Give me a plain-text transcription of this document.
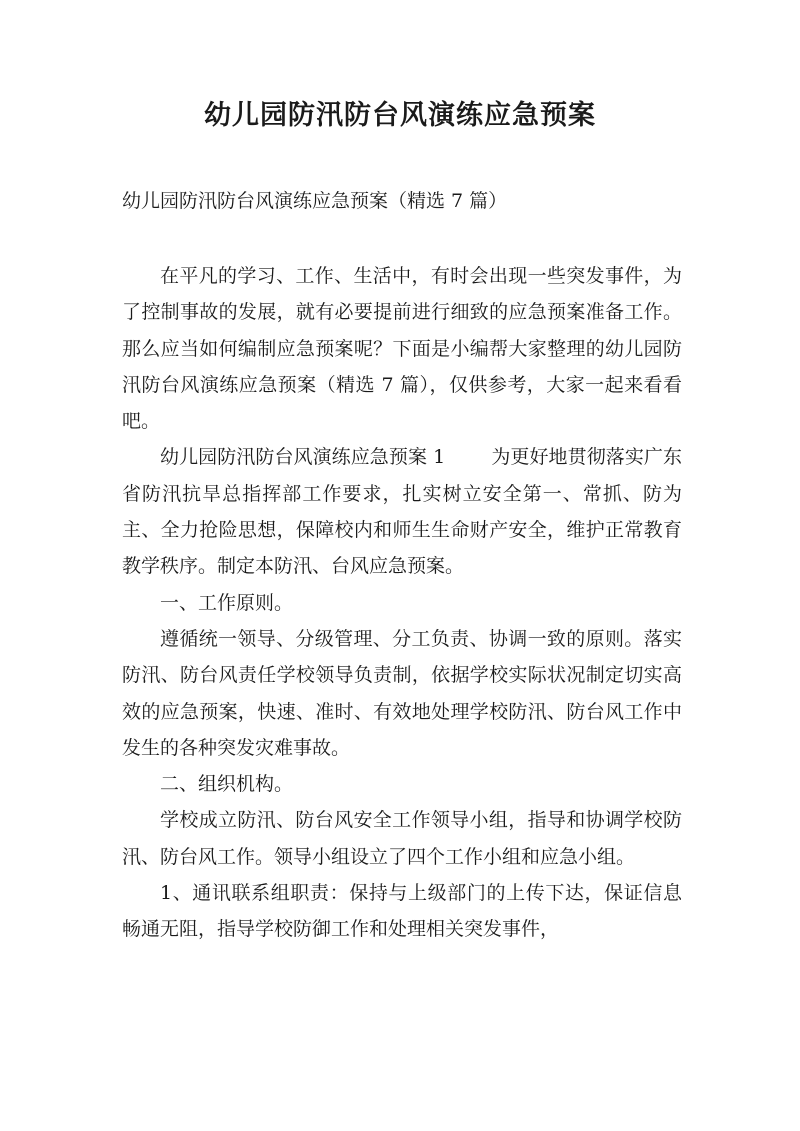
幼儿园防汛防台风演练应急预案
幼儿园防汛防台风演练应急预案（精选 7 篇）

在平凡的学习、工作、生活中，有时会出现一些突发事件，为了控制事故的发展，就有必要提前进行细致的应急预案准备工作。那么应当如何编制应急预案呢？下面是小编帮大家整理的幼儿园防汛防台风演练应急预案（精选 7 篇），仅供参考，大家一起来看看吧。

幼儿园防汛防台风演练应急预案 1 为更好地贯彻落实广东省防汛抗旱总指挥部工作要求，扎实树立安全第一、常抓、防为主、全力抢险思想，保障校内和师生生命财产安全，维护正常教育教学秩序。制定本防汛、台风应急预案。

一、工作原则。

遵循统一领导、分级管理、分工负责、协调一致的原则。落实防汛、防台风责任学校领导负责制，依据学校实际状况制定切实高效的应急预案，快速、准时、有效地处理学校防汛、防台风工作中发生的各种突发灾难事故。

二、组织机构。

学校成立防汛、防台风安全工作领导小组，指导和协调学校防汛、防台风工作。领导小组设立了四个工作小组和应急小组。

1、通讯联系组职责：保持与上级部门的上传下达，保证信息畅通无阻，指导学校防御工作和处理相关突发事件，
